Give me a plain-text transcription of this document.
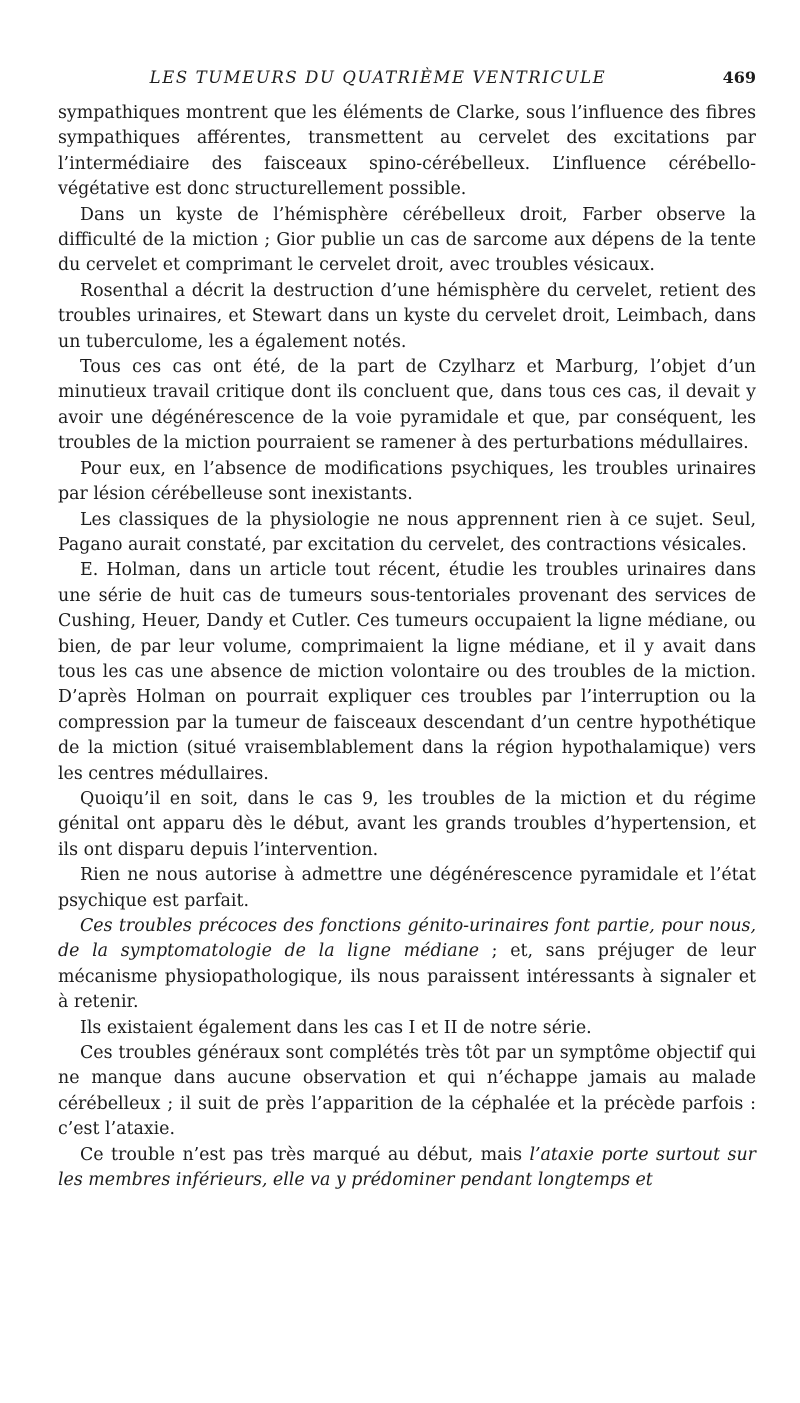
LES TUMEURS DU QUATRIÈME VENTRICULE	469

sympathiques montrent que les éléments de Clarke, sous l’influence des fibres sympathiques afférentes, transmettent au cervelet des excitations par l’intermédiaire des faisceaux spino-cérébelleux. L’influence cérébello-végétative est donc structurellement possible.

Dans un kyste de l’hémisphère cérébelleux droit, Farber observe la difficulté de la miction ; Gior publie un cas de sarcome aux dépens de la tente du cervelet et comprimant le cervelet droit, avec troubles vésicaux.

Rosenthal a décrit la destruction d’une hémisphère du cervelet, retient des troubles urinaires, et Stewart dans un kyste du cervelet droit, Leimbach, dans un tuberculome, les a également notés.

Tous ces cas ont été, de la part de Czylharz et Marburg, l’objet d’un minutieux travail critique dont ils concluent que, dans tous ces cas, il devait y avoir une dégénérescence de la voie pyramidale et que, par conséquent, les troubles de la miction pourraient se ramener à des perturbations médullaires.

Pour eux, en l’absence de modifications psychiques, les troubles urinaires par lésion cérébelleuse sont inexistants.

Les classiques de la physiologie ne nous apprennent rien à ce sujet. Seul, Pagano aurait constaté, par excitation du cervelet, des contractions vésicales.

E. Holman, dans un article tout récent, étudie les troubles urinaires dans une série de huit cas de tumeurs sous-tentoriales provenant des services de Cushing, Heuer, Dandy et Cutler. Ces tumeurs occupaient la ligne médiane, ou bien, de par leur volume, comprimaient la ligne médiane, et il y avait dans tous les cas une absence de miction volontaire ou des troubles de la miction. D’après Holman on pourrait expliquer ces troubles par l’interruption ou la compression par la tumeur de faisceaux descendant d’un centre hypothétique de la miction (situé vraisemblablement dans la région hypothalamique) vers les centres médullaires.

Quoiqu’il en soit, dans le cas 9, les troubles de la miction et du régime génital ont apparu dès le début, avant les grands troubles d’hypertension, et ils ont disparu depuis l’intervention.

Rien ne nous autorise à admettre une dégénérescence pyramidale et l’état psychique est parfait.

Ces troubles précoces des fonctions génito-urinaires font partie, pour nous, de la symptomatologie de la ligne médiane ; et, sans préjuger de leur mécanisme physiopathologique, ils nous paraissent intéressants à signaler et à retenir.

Ils existaient également dans les cas I et II de notre série.

Ces troubles généraux sont complétés très tôt par un symptôme objectif qui ne manque dans aucune observation et qui n’échappe jamais au malade cérébelleux ; il suit de près l’apparition de la céphalée et la précède parfois : c’est l’ataxie.

Ce trouble n’est pas très marqué au début, mais l’ataxie porte surtout sur les membres inférieurs, elle va y prédominer pendant longtemps et
